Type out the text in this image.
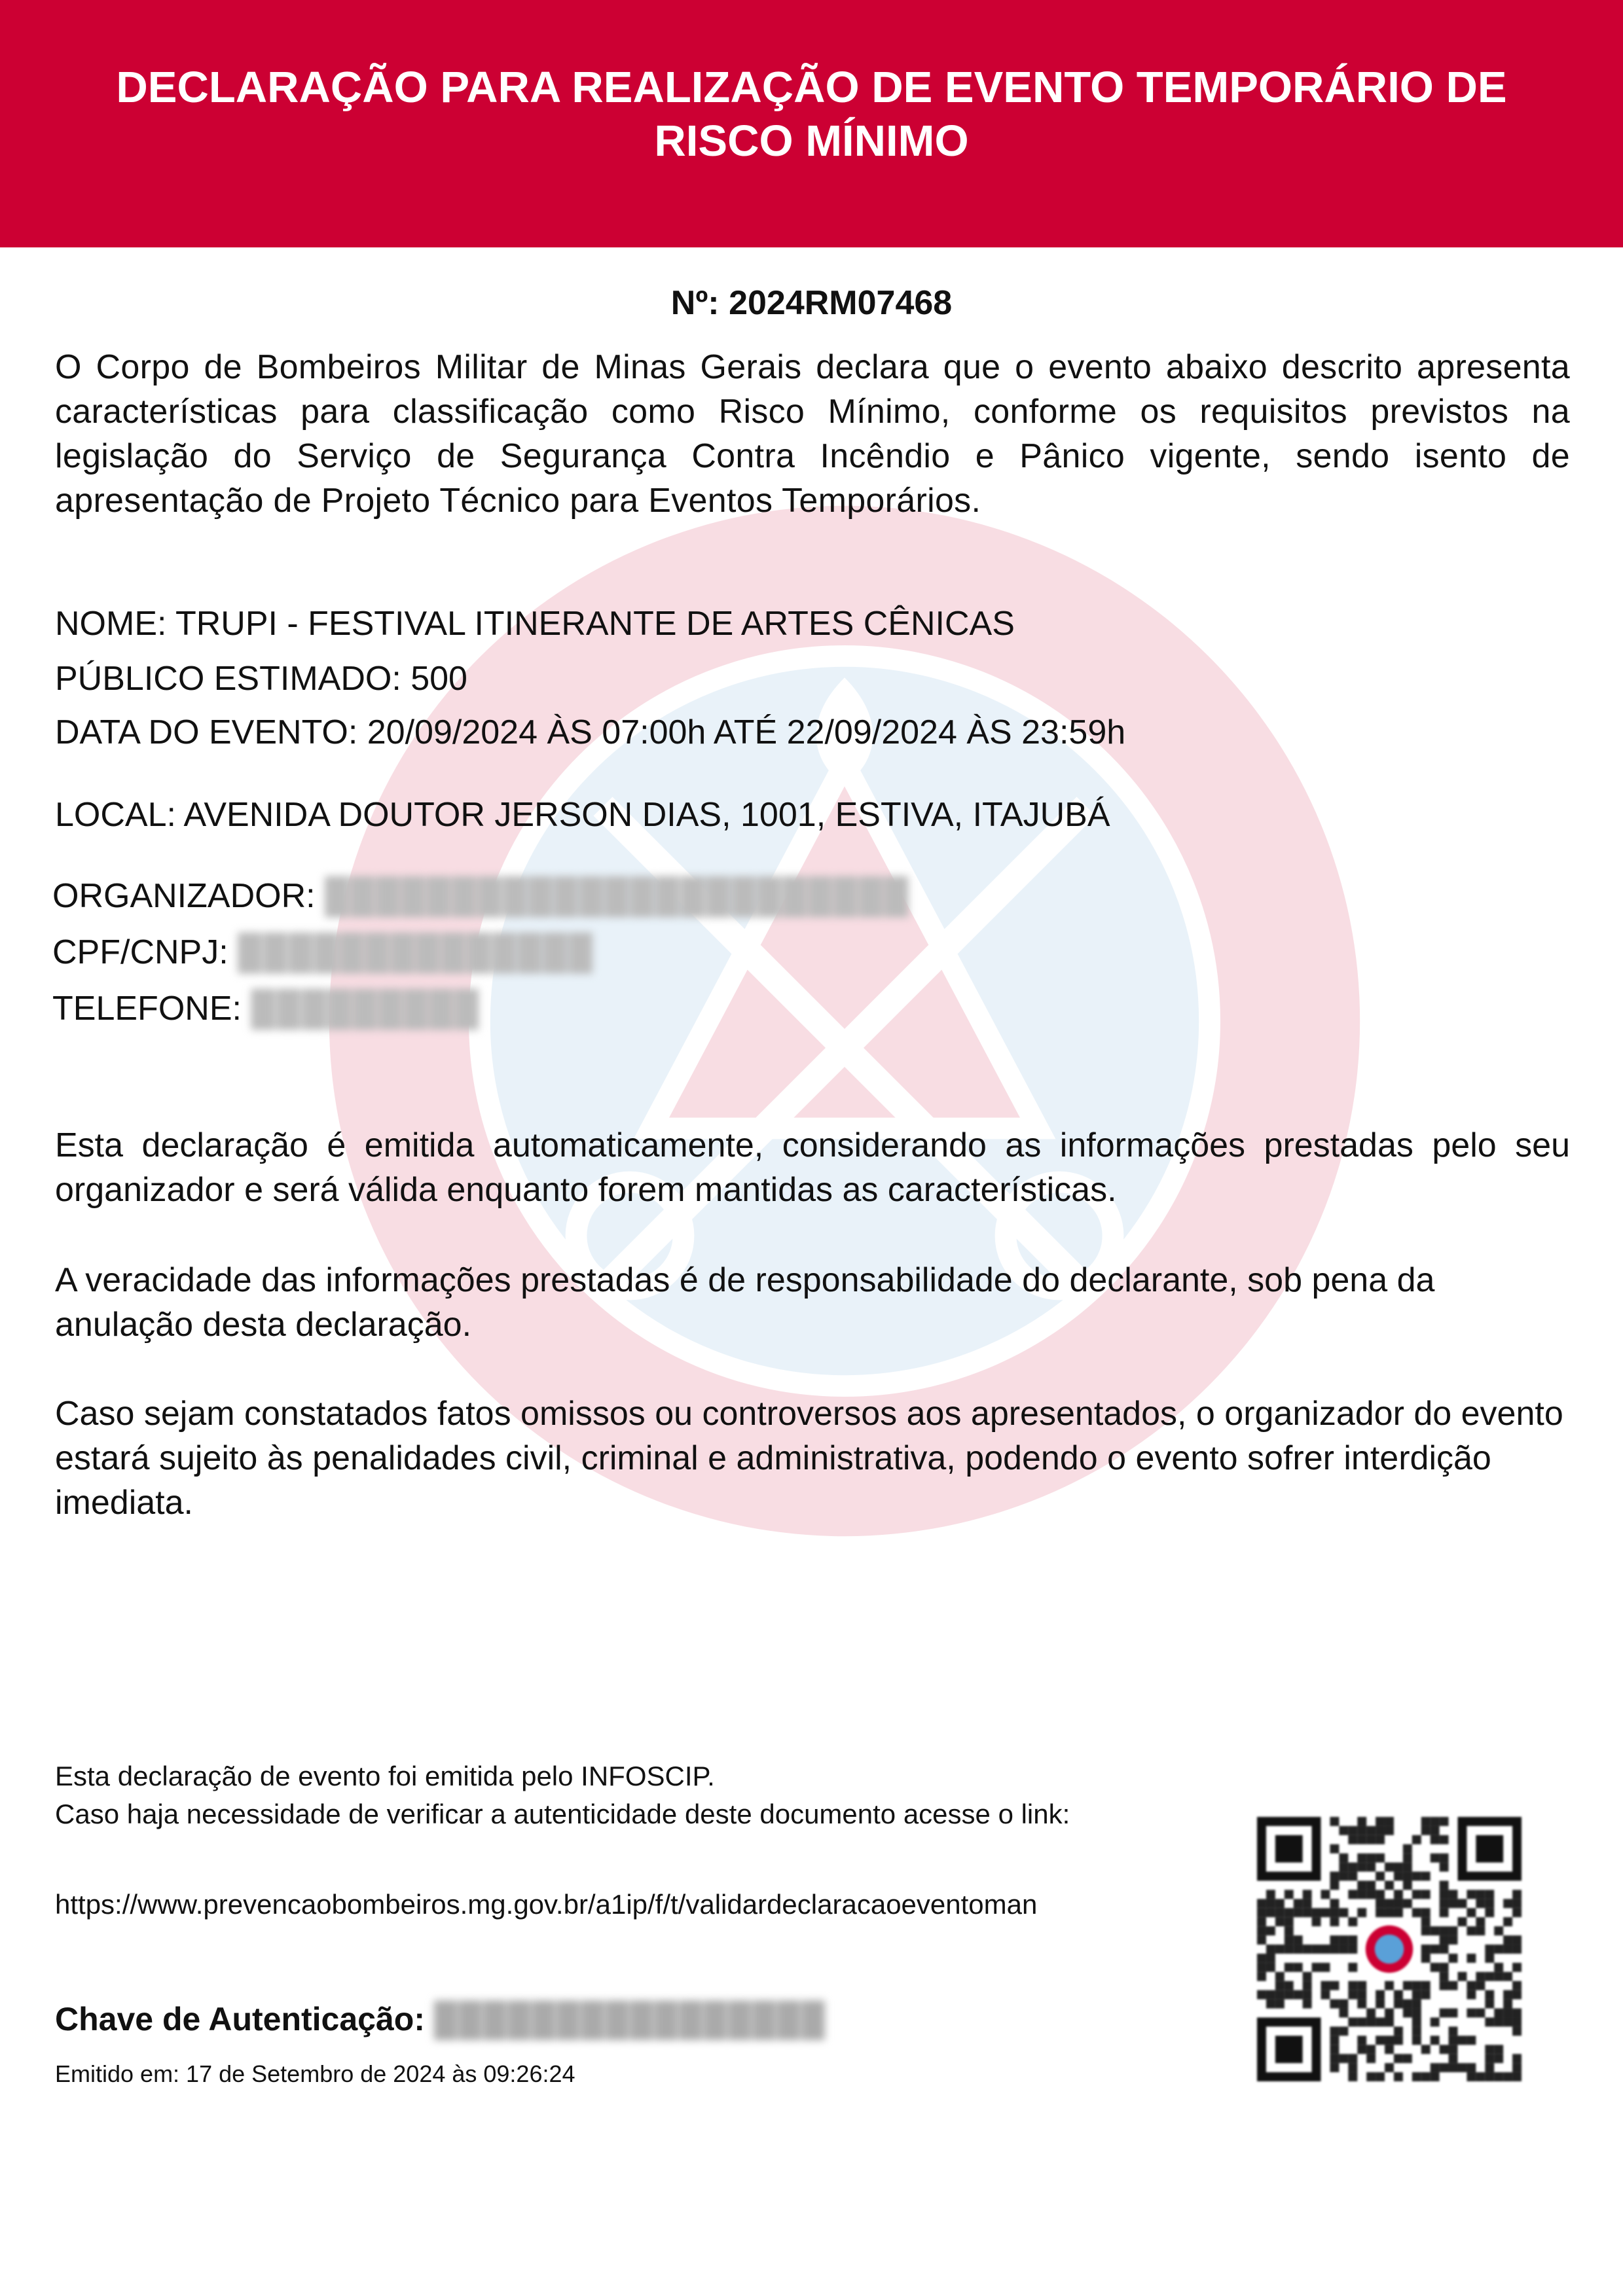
DECLARAÇÃO PARA REALIZAÇÃO DE EVENTO TEMPORÁRIO DE RISCO MÍNIMO
Nº: 2024RM07468
O Corpo de Bombeiros Militar de Minas Gerais declara que o evento abaixo descrito apresenta características para classificação como Risco Mínimo, conforme os requisitos previstos na legislação do Serviço de Segurança Contra Incêndio e Pânico vigente, sendo isento de apresentação de Projeto Técnico para Eventos Temporários.
NOME: TRUPI - FESTIVAL ITINERANTE DE ARTES CÊNICAS
PÚBLICO ESTIMADO: 500
DATA DO EVENTO: 20/09/2024 ÀS 07:00h ATÉ 22/09/2024 ÀS 23:59h
LOCAL: AVENIDA DOUTOR JERSON DIAS, 1001, ESTIVA, ITAJUBÁ
ORGANIZADOR: ███████████████████████
CPF/CNPJ: ██████████████
TELEFONE: █████████
Esta declaração é emitida automaticamente, considerando as informações prestadas pelo seu organizador e será válida enquanto forem mantidas as características.
A veracidade das informações prestadas é de responsabilidade do declarante, sob pena da anulação desta declaração.
Caso sejam constatados fatos omissos ou controversos aos apresentados, o organizador do evento estará sujeito às penalidades civil, criminal e administrativa, podendo o evento sofrer interdição imediata.
Esta declaração de evento foi emitida pelo INFOSCIP.
Caso haja necessidade de verificar a autenticidade deste documento acesse o link:
https://www.prevencaobombeiros.mg.gov.br/a1ip/f/t/validardeclaracaoeventoman
Chave de Autenticação: ████████████████
Emitido em: 17 de Setembro de 2024 às 09:26:24
